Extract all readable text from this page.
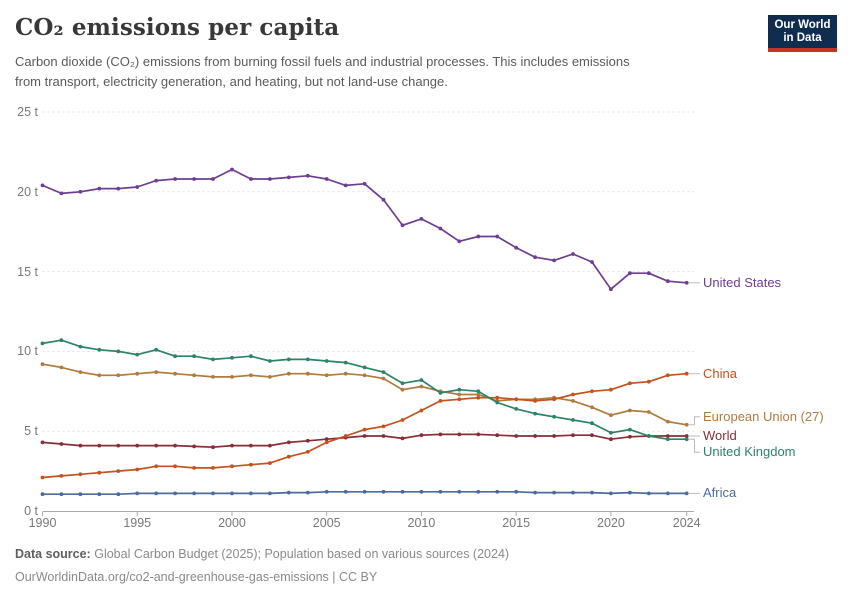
CO₂ emissions per capita	Our World
in Data

Carbon dioxide (CO₂) emissions from burning fossil fuels and industrial processes. This includes emissions
from transport, electricity generation, and heating, but not land-use change.

0 t
5 t
10 t
15 t
20 t
25 t
1990	1995	2000	2005	2010	2015	2020	2024
United States
European Union (27)
World
China
United Kingdom
Africa

Data source: Global Carbon Budget (2025); Population based on various sources (2024)

OurWorldinData.org/co2-and-greenhouse-gas-emissions | CC BY
